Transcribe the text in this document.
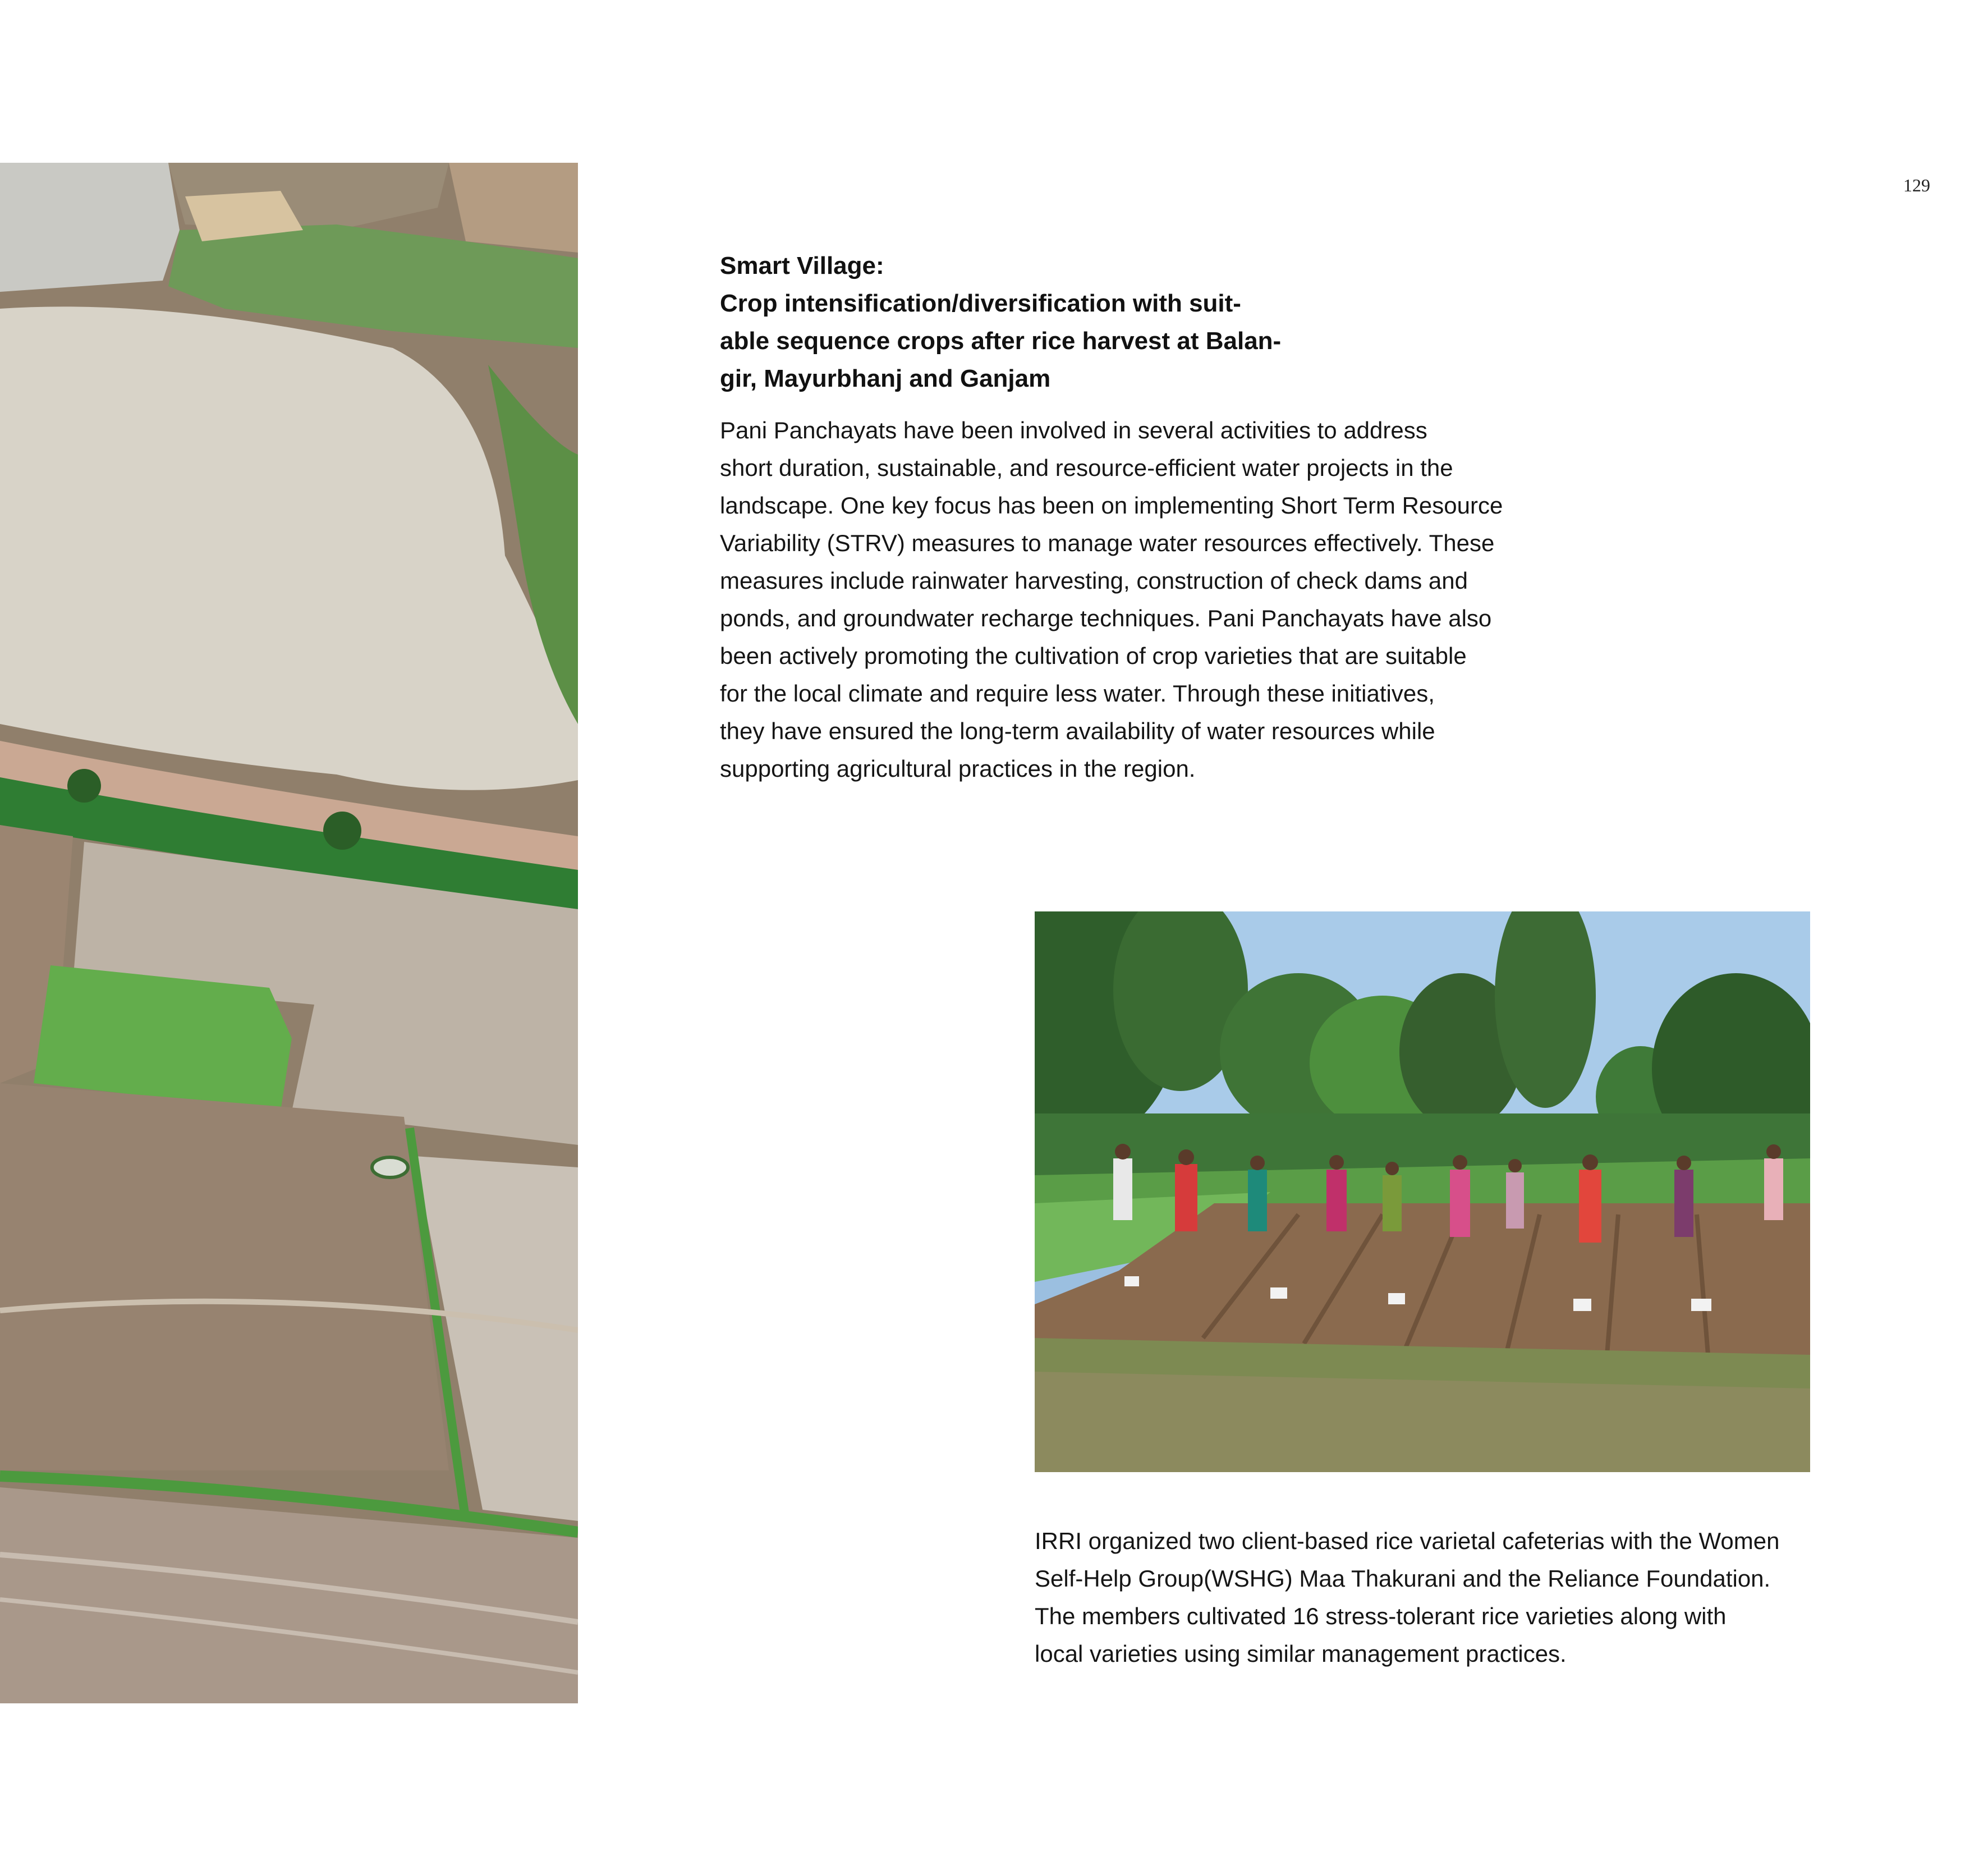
129
Smart Village:
Crop intensification/diversification with suit-
able sequence crops after rice harvest at Balan-
gir, Mayurbhanj and Ganjam

Pani Panchayats have been involved in several activities to address
short duration, sustainable, and resource-efficient water projects in the
landscape. One key focus has been on implementing Short Term Resource
Variability (STRV) measures to manage water resources effectively. These
measures include rainwater harvesting, construction of check dams and
ponds, and groundwater recharge techniques. Pani Panchayats have also
been actively promoting the cultivation of crop varieties that are suitable
for the local climate and require less water. Through these initiatives,
they have ensured the long-term availability of water resources while
supporting agricultural practices in the region.

IRRI organized two client-based rice varietal cafeterias with the Women
Self-Help Group(WSHG) Maa Thakurani and the Reliance Foundation.
The members cultivated 16 stress-tolerant rice varieties along with
local varieties using similar management practices.
